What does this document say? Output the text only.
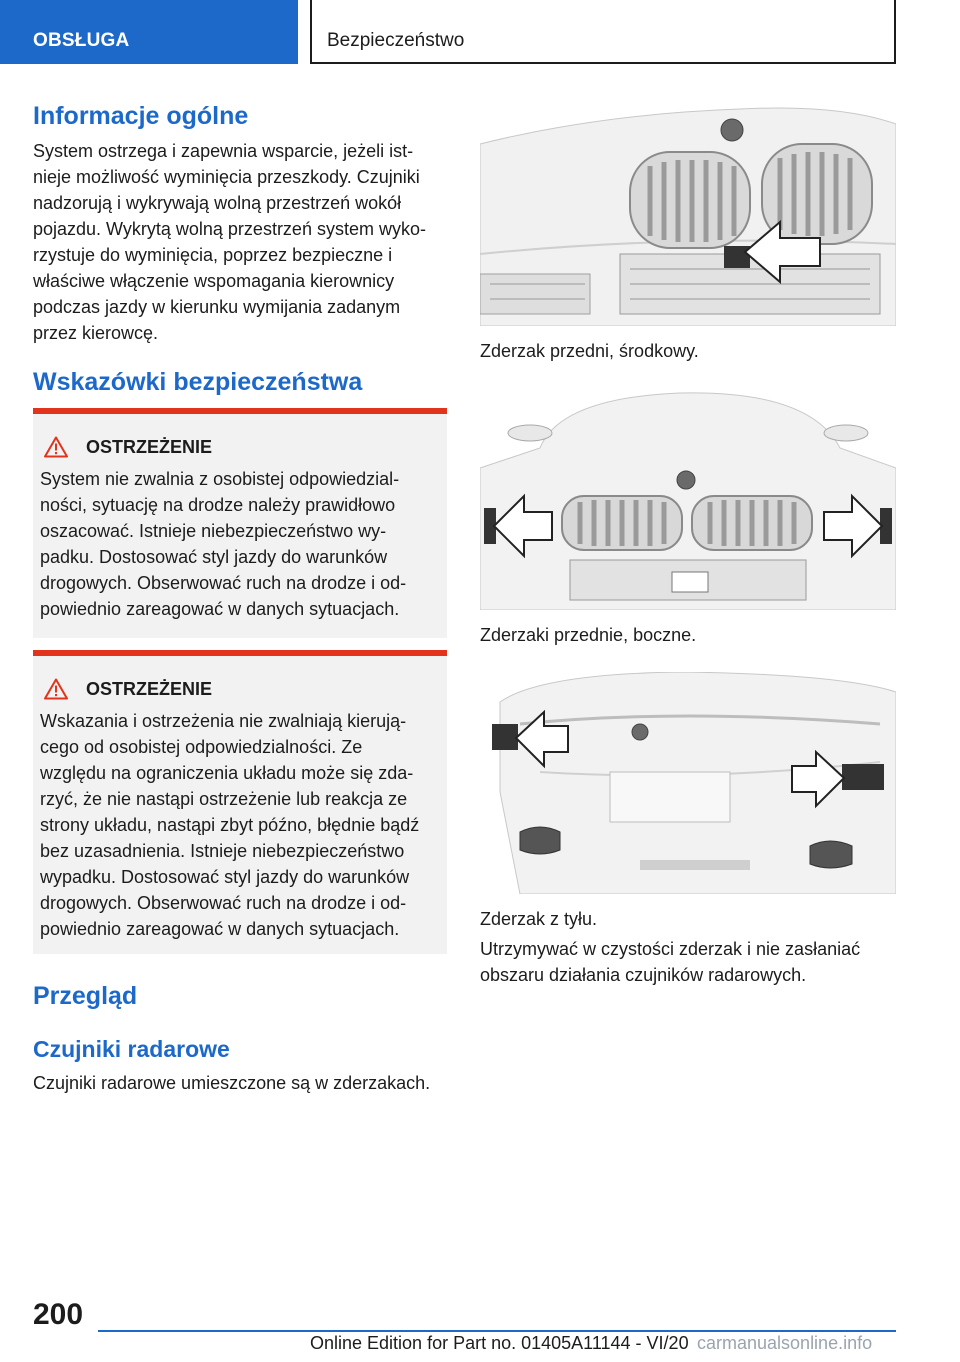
OBSŁUGA	Bezpieczeństwo
Informacje ogólne
System ostrzega i zapewnia wsparcie, jeżeli ist-
nieje możliwość wyminięcia przeszkody. Czujniki
nadzorują i wykrywają wolną przestrzeń wokół
pojazdu. Wykrytą wolną przestrzeń system wyko-
rzystuje do wyminięcia, poprzez bezpieczne i
właściwe włączenie wspomagania kierownicy
podczas jazdy w kierunku wymijania zadanym
przez kierowcę.
Wskazówki bezpieczeństwa
OSTRZEŻENIE
System nie zwalnia z osobistej odpowiedzial-
ności, sytuację na drodze należy prawidłowo
oszacować. Istnieje niebezpieczeństwo wy-
padku. Dostosować styl jazdy do warunków
drogowych. Obserwować ruch na drodze i od-
powiednio zareagować w danych sytuacjach.
OSTRZEŻENIE
Wskazania i ostrzeżenia nie zwalniają kierują-
cego od osobistej odpowiedzialności. Ze
względu na ograniczenia układu może się zda-
rzyć, że nie nastąpi ostrzeżenie lub reakcja ze
strony układu, nastąpi zbyt późno, błędnie bądź
bez uzasadnienia. Istnieje niebezpieczeństwo
wypadku. Dostosować styl jazdy do warunków
drogowych. Obserwować ruch na drodze i od-
powiednio zareagować w danych sytuacjach.
Przegląd
Czujniki radarowe
Czujniki radarowe umieszczone są w zderzakach.
Zderzak przedni, środkowy.
Zderzaki przednie, boczne.
Zderzak z tyłu.
Utrzymywać w czystości zderzak i nie zasłaniać
obszaru działania czujników radarowych.
200
Online Edition for Part no. 01405A11144 - VI/20 carmanualsonline.info
